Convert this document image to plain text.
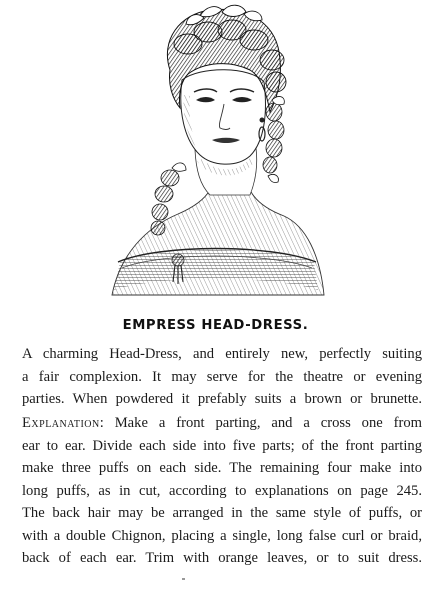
EMPRESS HEAD-DRESS.
A charming Head-Dress, and entirely new, perfectly suiting
a fair complexion. It may serve for the theatre or evening
parties. When powdered it prefably suits a brown or brunette.
Explanation: Make a front parting, and a cross one from
ear to ear. Divide each side into five parts; of the front parting
make three puffs on each side. The remaining four make into
long puffs, as in cut, according to explanations on page 245.
The back hair may be arranged in the same style of puffs, or
with a double Chignon, placing a single, long false curl or braid,
back of each ear. Trim with orange leaves, or to suit dress.
